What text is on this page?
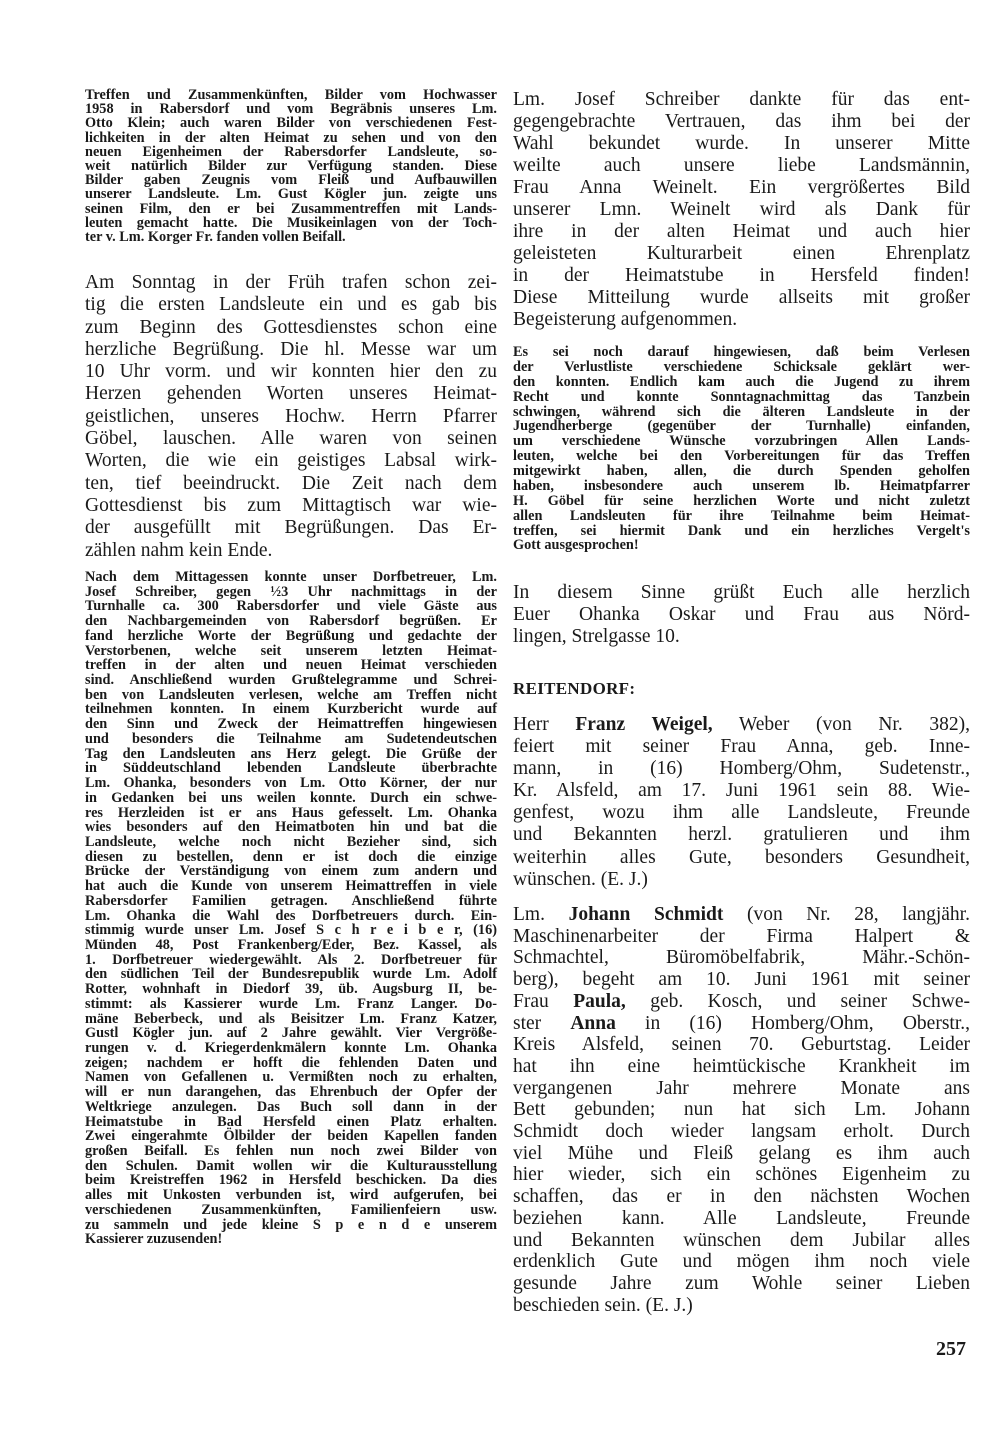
Treffen und Zusammenkünften, Bilder vom Hochwasser
1958 in Rabersdorf und vom Begräbnis unseres Lm.
Otto Klein; auch waren Bilder von verschiedenen Fest-
lichkeiten in der alten Heimat zu sehen und von den
neuen Eigenheimen der Rabersdorfer Landsleute, so-
weit natürlich Bilder zur Verfügung standen. Diese
Bilder gaben Zeugnis vom Fleiß und Aufbauwillen
unserer Landsleute. Lm. Gust Kögler jun. zeigte uns
seinen Film, den er bei Zusammentreffen mit Lands-
leuten gemacht hatte. Die Musikeinlagen von der Toch-
ter v. Lm. Korger Fr. fanden vollen Beifall.
Am Sonntag in der Früh trafen schon zei-
tig die ersten Landsleute ein und es gab bis
zum Beginn des Gottesdienstes schon eine
herzliche Begrüßung. Die hl. Messe war um
10 Uhr vorm. und wir konnten hier den zu
Herzen gehenden Worten unseres Heimat-
geistlichen, unseres Hochw. Herrn Pfarrer
Göbel, lauschen. Alle waren von seinen
Worten, die wie ein geistiges Labsal wirk-
ten, tief beeindruckt. Die Zeit nach dem
Gottesdienst bis zum Mittagtisch war wie-
der ausgefüllt mit Begrüßungen. Das Er-
zählen nahm kein Ende.
Nach dem Mittagessen konnte unser Dorfbetreuer, Lm.
Josef Schreiber, gegen ½3 Uhr nachmittags in der
Turnhalle ca. 300 Rabersdorfer und viele Gäste aus
den Nachbargemeinden von Rabersdorf begrüßen. Er
fand herzliche Worte der Begrüßung und gedachte der
Verstorbenen, welche seit unserem letzten Heimat-
treffen in der alten und neuen Heimat verschieden
sind. Anschließend wurden Grußtelegramme und Schrei-
ben von Landsleuten verlesen, welche am Treffen nicht
teilnehmen konnten. In einem Kurzbericht wurde auf
den Sinn und Zweck der Heimattreffen hingewiesen
und besonders die Teilnahme am Sudetendeutschen
Tag den Landsleuten ans Herz gelegt. Die Grüße der
in Süddeutschland lebenden Landsleute überbrachte
Lm. Ohanka, besonders von Lm. Otto Körner, der nur
in Gedanken bei uns weilen konnte. Durch ein schwe-
res Herzleiden ist er ans Haus gefesselt. Lm. Ohanka
wies besonders auf den Heimatboten hin und bat die
Landsleute, welche noch nicht Bezieher sind, sich
diesen zu bestellen, denn er ist doch die einzige
Brücke der Verständigung von einem zum andern und
hat auch die Kunde von unserem Heimattreffen in viele
Rabersdorfer Familien getragen. Anschließend führte
Lm. Ohanka die Wahl des Dorfbetreuers durch. Ein-
stimmig wurde unser Lm. Josef S c h r e i b e r, (16)
Münden 48, Post Frankenberg/Eder, Bez. Kassel, als
1. Dorfbetreuer wiedergewählt. Als 2. Dorfbetreuer für
den südlichen Teil der Bundesrepublik wurde Lm. Adolf
Rotter, wohnhaft in Diedorf 39, üb. Augsburg II, be-
stimmt: als Kassierer wurde Lm. Franz Langer. Do-
mäne Beberbeck, und als Beisitzer Lm. Franz Katzer,
Gustl Kögler jun. auf 2 Jahre gewählt. Vier Vergröße-
rungen v. d. Kriegerdenkmälern konnte Lm. Ohanka
zeigen; nachdem er hofft die fehlenden Daten und
Namen von Gefallenen u. Vermißten noch zu erhalten,
will er nun darangehen, das Ehrenbuch der Opfer der
Weltkriege anzulegen. Das Buch soll dann in der
Heimatstube in Bad Hersfeld einen Platz erhalten.
Zwei eingerahmte Ölbilder der beiden Kapellen fanden
großen Beifall. Es fehlen nun noch zwei Bilder von
den Schulen. Damit wollen wir die Kulturausstellung
beim Kreistreffen 1962 in Hersfeld beschicken. Da dies
alles mit Unkosten verbunden ist, wird aufgerufen, bei
verschiedenen Zusammenkünften, Familienfeiern usw.
zu sammeln und jede kleine S p e n d e unserem
Kassierer zuzusenden!
Lm. Josef Schreiber dankte für das ent-
gegengebrachte Vertrauen, das ihm bei der
Wahl bekundet wurde. In unserer Mitte
weilte auch unsere liebe Landsmännin,
Frau Anna Weinelt. Ein vergrößertes Bild
unserer Lmn. Weinelt wird als Dank für
ihre in der alten Heimat und auch hier
geleisteten Kulturarbeit einen Ehrenplatz
in der Heimatstube in Hersfeld finden!
Diese Mitteilung wurde allseits mit großer
Begeisterung aufgenommen.
Es sei noch darauf hingewiesen, daß beim Verlesen
der Verlustliste verschiedene Schicksale geklärt wer-
den konnten. Endlich kam auch die Jugend zu ihrem
Recht und konnte Sonntagnachmittag das Tanzbein
schwingen, während sich die älteren Landsleute in der
Jugendherberge (gegenüber der Turnhalle) einfanden,
um verschiedene Wünsche vorzubringen Allen Lands-
leuten, welche bei den Vorbereitungen für das Treffen
mitgewirkt haben, allen, die durch Spenden geholfen
haben, insbesondere auch unserem lb. Heimatpfarrer
H. Göbel für seine herzlichen Worte und nicht zuletzt
allen Landsleuten für ihre Teilnahme beim Heimat-
treffen, sei hiermit Dank und ein herzliches Vergelt's
Gott ausgesprochen!
In diesem Sinne grüßt Euch alle herzlich
Euer Ohanka Oskar und Frau aus Nörd-
lingen, Strelgasse 10.
REITENDORF:
Herr Franz Weigel, Weber (von Nr. 382),
feiert mit seiner Frau Anna, geb. Inne-
mann, in (16) Homberg/Ohm, Sudetenstr.,
Kr. Alsfeld, am 17. Juni 1961 sein 88. Wie-
genfest, wozu ihm alle Landsleute, Freunde
und Bekannten herzl. gratulieren und ihm
weiterhin alles Gute, besonders Gesundheit,
wünschen. (E. J.)
Lm. Johann Schmidt (von Nr. 28, langjähr.
Maschinenarbeiter der Firma Halpert &
Schmachtel, Büromöbelfabrik, Mähr.-Schön-
berg), begeht am 10. Juni 1961 mit seiner
Frau Paula, geb. Kosch, und seiner Schwe-
ster Anna in (16) Homberg/Ohm, Oberstr.,
Kreis Alsfeld, seinen 70. Geburtstag. Leider
hat ihn eine heimtückische Krankheit im
vergangenen Jahr mehrere Monate ans
Bett gebunden; nun hat sich Lm. Johann
Schmidt doch wieder langsam erholt. Durch
viel Mühe und Fleiß gelang es ihm auch
hier wieder, sich ein schönes Eigenheim zu
schaffen, das er in den nächsten Wochen
beziehen kann. Alle Landsleute, Freunde
und Bekannten wünschen dem Jubilar alles
erdenklich Gute und mögen ihm noch viele
gesunde Jahre zum Wohle seiner Lieben
beschieden sein. (E. J.)
257
